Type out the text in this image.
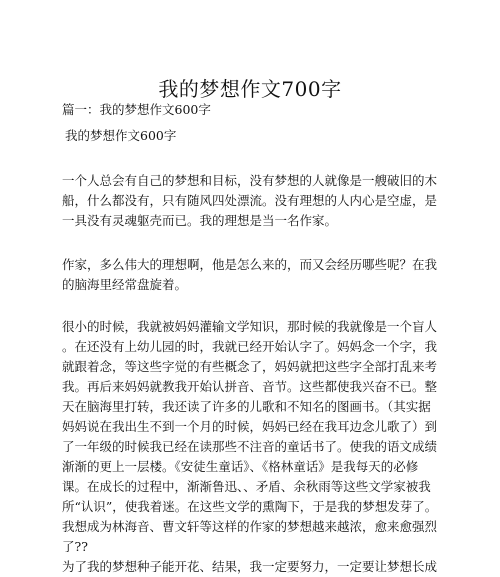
我的梦想作文700字
篇一：我的梦想作文600字
我的梦想作文600字

一个人总会有自己的梦想和目标，没有梦想的人就像是一艘破旧的木
船，什么都没有，只有随风四处漂流。没有理想的人内心是空虚，是
一具没有灵魂躯壳而已。我的理想是当一名作家。

作家，多么伟大的理想啊，他是怎么来的，而又会经历哪些呢？在我
的脑海里经常盘旋着。

很小的时候，我就被妈妈灌输文学知识，那时候的我就像是一个盲人
。在还没有上幼儿园的时，我就已经开始认字了。妈妈念一个字，我
就跟着念，等这些字觉的有些概念了，妈妈就把这些字全部打乱来考
我。再后来妈妈就教我开始认拼音、音节。这些都使我兴奋不已。整
天在脑海里打转，我还读了许多的儿歌和不知名的图画书。（其实据
妈妈说在我出生不到一个月的时候，妈妈已经在我耳边念儿歌了）到
了一年级的时候我已经在读那些不注音的童话书了。使我的语文成绩
渐渐的更上一层楼。《安徒生童话》、《格林童话》是我每天的必修
课。在成长的过程中，渐渐鲁迅、、矛盾、余秋雨等这些文学家被我
所“认识”，使我着迷。在这些文学的熏陶下，于是我的梦想发芽了。
我想成为林海音、曹文轩等这样的作家的梦想越来越浓，愈来愈强烈
了??
为了我的梦想种子能开花、结果，我一定要努力，一定要让梦想长成
